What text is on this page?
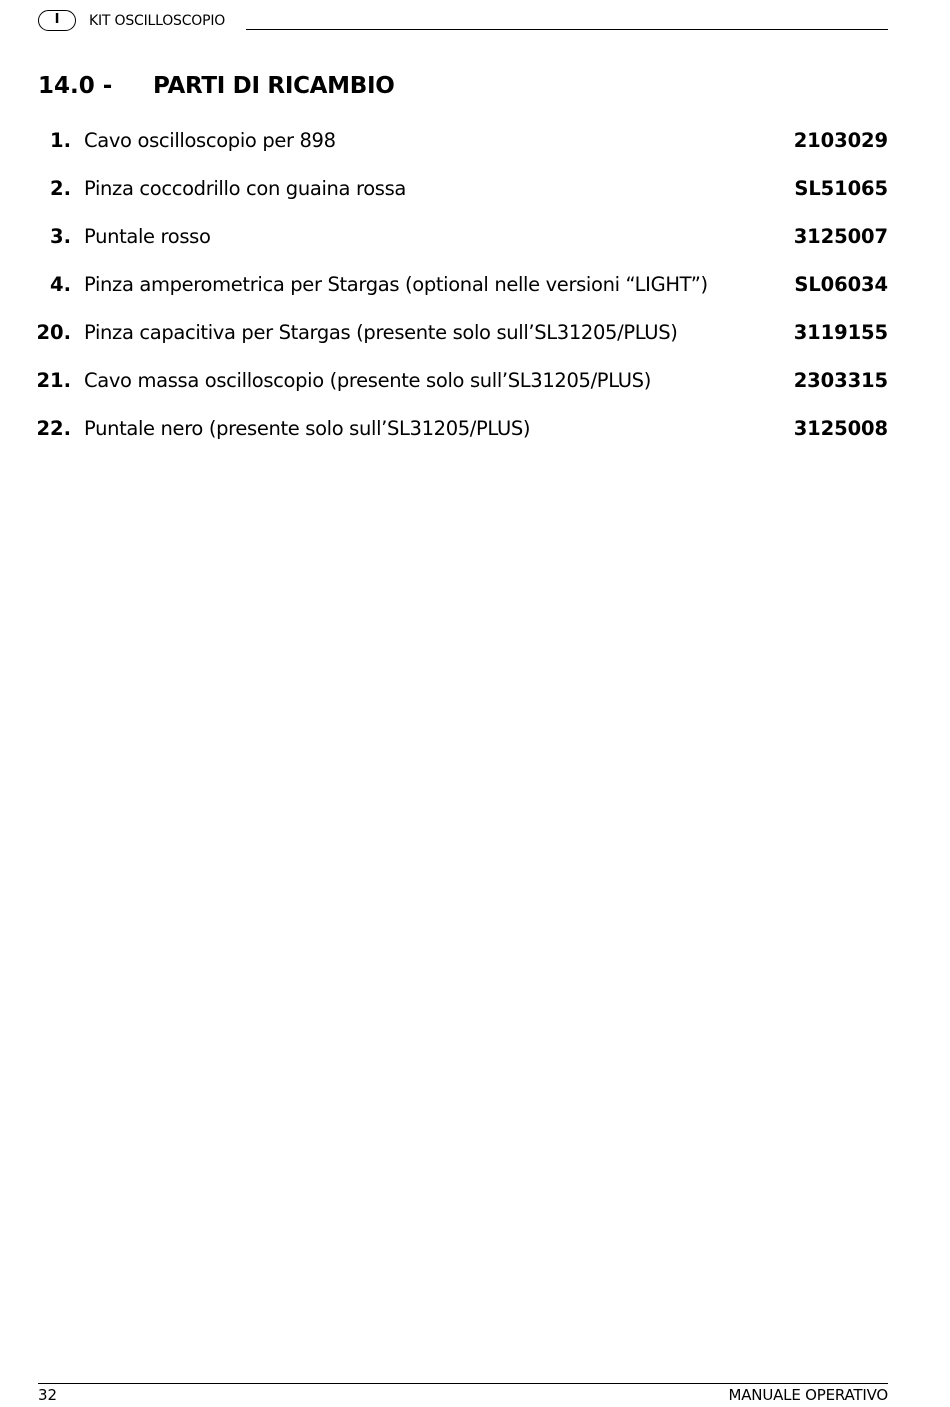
I	KIT OSCILLOSCOPIO
14.0 - PARTI DI RICAMBIO
1. Cavo oscilloscopio per 898	2103029
2. Pinza coccodrillo con guaina rossa	SL51065
3. Puntale rosso	3125007
4. Pinza amperometrica per Stargas (optional nelle versioni “LIGHT”)	SL06034
20. Pinza capacitiva per Stargas (presente solo sull’SL31205/PLUS)	3119155
21. Cavo massa oscilloscopio (presente solo sull’SL31205/PLUS)	2303315
22. Puntale nero (presente solo sull’SL31205/PLUS)	3125008
32	MANUALE OPERATIVO
